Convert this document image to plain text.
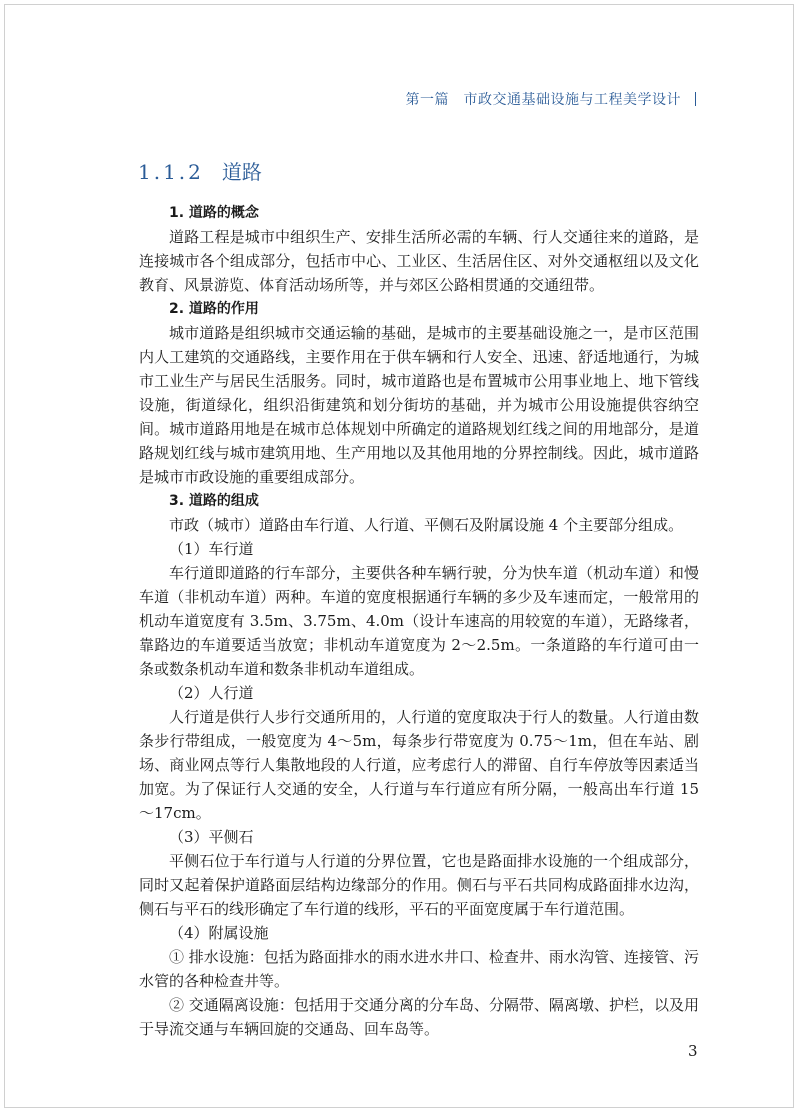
第一篇　市政交通基础设施与工程美学设计
1.1.2 道路

1. 道路的概念

道路工程是城市中组织生产、安排生活所必需的车辆、行人交通往来的道路，是连接城市各个组成部分，包括市中心、工业区、生活居住区、对外交通枢纽以及文化教育、风景游览、体育活动场所等，并与郊区公路相贯通的交通纽带。

2. 道路的作用

城市道路是组织城市交通运输的基础，是城市的主要基础设施之一，是市区范围内人工建筑的交通路线，主要作用在于供车辆和行人安全、迅速、舒适地通行，为城市工业生产与居民生活服务。同时，城市道路也是布置城市公用事业地上、地下管线设施，街道绿化，组织沿街建筑和划分街坊的基础，并为城市公用设施提供容纳空间。城市道路用地是在城市总体规划中所确定的道路规划红线之间的用地部分，是道路规划红线与城市建筑用地、生产用地以及其他用地的分界控制线。因此，城市道路是城市市政设施的重要组成部分。

3. 道路的组成

市政（城市）道路由车行道、人行道、平侧石及附属设施 4 个主要部分组成。

（1）车行道

车行道即道路的行车部分，主要供各种车辆行驶，分为快车道（机动车道）和慢车道（非机动车道）两种。车道的宽度根据通行车辆的多少及车速而定，一般常用的机动车道宽度有 3.5m、3.75m、4.0m（设计车速高的用较宽的车道），无路缘者，靠路边的车道要适当放宽；非机动车道宽度为 2～2.5m。一条道路的车行道可由一条或数条机动车道和数条非机动车道组成。

（2）人行道

人行道是供行人步行交通所用的，人行道的宽度取决于行人的数量。人行道由数条步行带组成，一般宽度为 4～5m，每条步行带宽度为 0.75～1m，但在车站、剧场、商业网点等行人集散地段的人行道，应考虑行人的滞留、自行车停放等因素适当加宽。为了保证行人交通的安全，人行道与车行道应有所分隔，一般高出车行道 15～17cm。

（3）平侧石

平侧石位于车行道与人行道的分界位置，它也是路面排水设施的一个组成部分，同时又起着保护道路面层结构边缘部分的作用。侧石与平石共同构成路面排水边沟，侧石与平石的线形确定了车行道的线形，平石的平面宽度属于车行道范围。

（4）附属设施

① 排水设施：包括为路面排水的雨水进水井口、检查井、雨水沟管、连接管、污水管的各种检查井等。

② 交通隔离设施：包括用于交通分离的分车岛、分隔带、隔离墩、护栏，以及用于导流交通与车辆回旋的交通岛、回车岛等。

3
